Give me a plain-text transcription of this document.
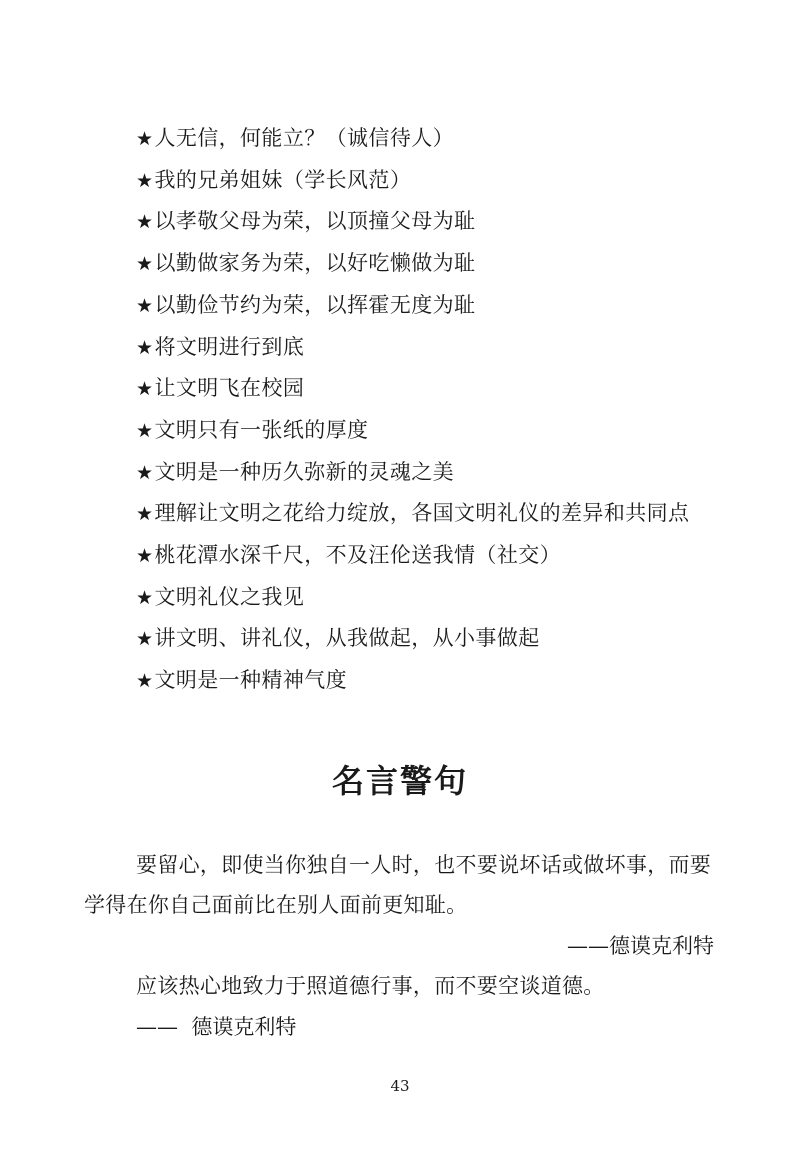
★人无信，何能立？（诚信待人）
★我的兄弟姐妹（学长风范）
★以孝敬父母为荣，以顶撞父母为耻
★以勤做家务为荣，以好吃懒做为耻
★以勤俭节约为荣，以挥霍无度为耻
★将文明进行到底
★让文明飞在校园
★文明只有一张纸的厚度
★文明是一种历久弥新的灵魂之美
★理解让文明之花给力绽放，各国文明礼仪的差异和共同点
★桃花潭水深千尺，不及汪伦送我情（社交）
★文明礼仪之我见
★讲文明、讲礼仪，从我做起，从小事做起
★文明是一种精神气度
名言警句

要留心，即使当你独自一人时，也不要说坏话或做坏事，而要学得在你自己面前比在别人面前更知耻。

——德谟克利特

应该热心地致力于照道德行事，而不要空谈道德。

——  德谟克利特

43
